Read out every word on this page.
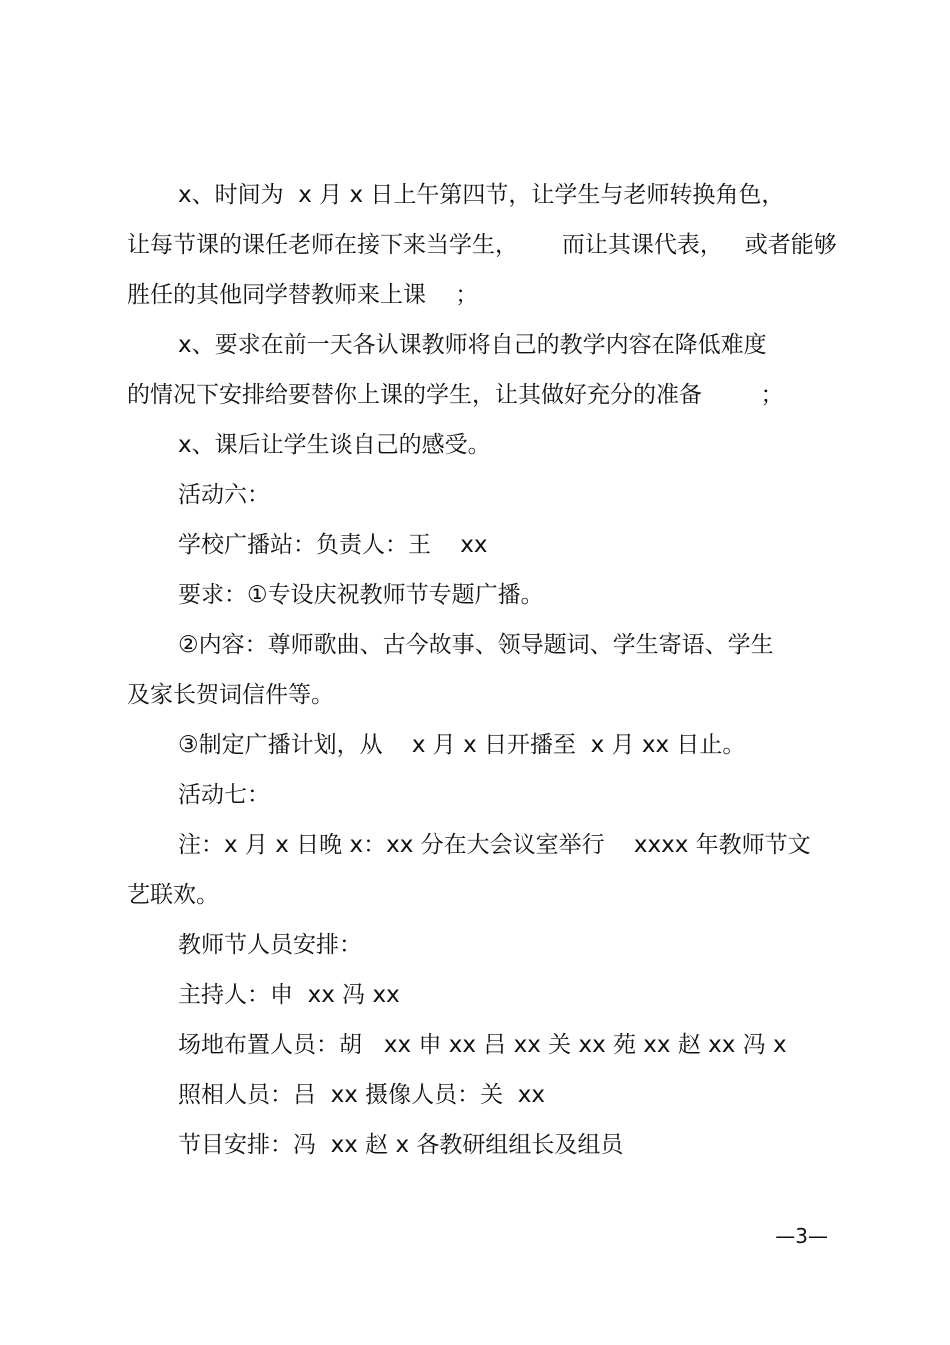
x、时间为  x 月 x 日上午第四节，让学生与老师转换角色，
让每节课的课任老师在接下来当学生，      而让其课代表，   或者能够
胜任的其他同学替教师来上课    ；
x、要求在前一天各认课教师将自己的教学内容在降低难度
的情况下安排给要替你上课的学生，让其做好充分的准备        ；
x、课后让学生谈自己的感受。
活动六：
学校广播站：负责人：王    xx
要求：①专设庆祝教师节专题广播。
②内容：尊师歌曲、古今故事、领导题词、学生寄语、学生
及家长贺词信件等。
③制定广播计划，从    x 月 x 日开播至  x 月 xx 日止。
活动七：
注：x 月 x 日晚 x：xx 分在大会议室举行    xxxx 年教师节文
艺联欢。
教师节人员安排：
主持人：申  xx 冯 xx
场地布置人员：胡   xx 申 xx 吕 xx 关 xx 苑 xx 赵 xx 冯 x
照相人员：吕  xx 摄像人员：关  xx
节目安排：冯  xx 赵 x 各教研组组长及组员
—3—
